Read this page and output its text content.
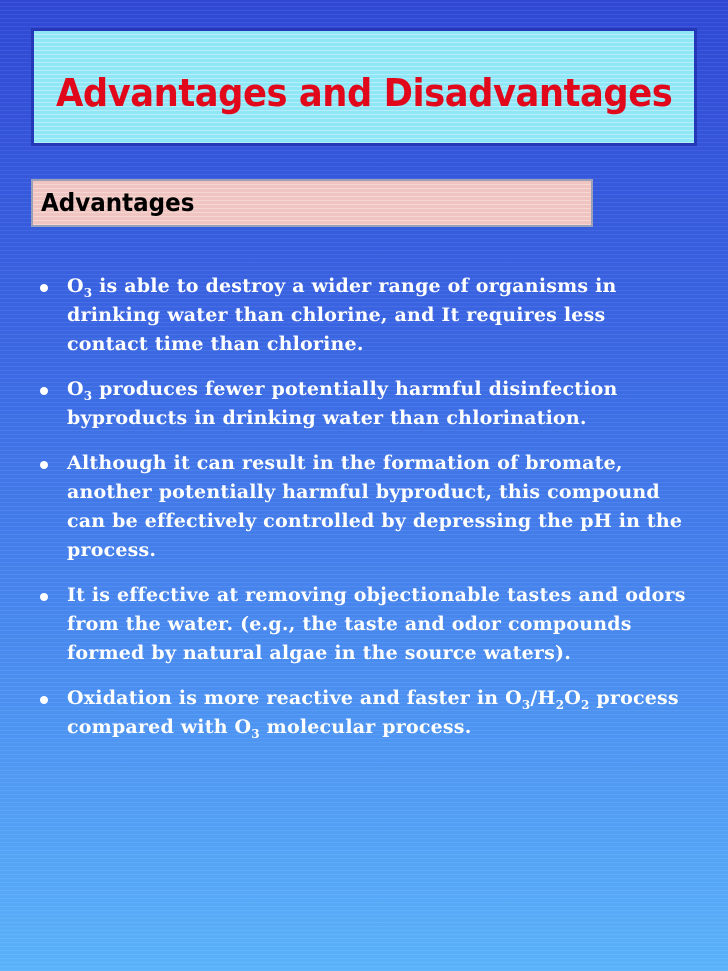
Advantages and Disadvantages
Advantages
$O_3$ is able to destroy a wider range of organisms in drinking water than chlorine, and It requires less contact time than chlorine.
$O_3$ produces fewer potentially harmful disinfection byproducts in drinking water than chlorination.
Although it can result in the formation of bromate, another potentially harmful byproduct, this compound can be effectively controlled by depressing the pH in the process.
It is effective at removing objectionable tastes and odors from the water. (e.g., the taste and odor compounds formed by natural algae in the source waters).
Oxidation is more reactive and faster in $O_3/H_2O_2$ process compared with $O_3$ molecular process.
